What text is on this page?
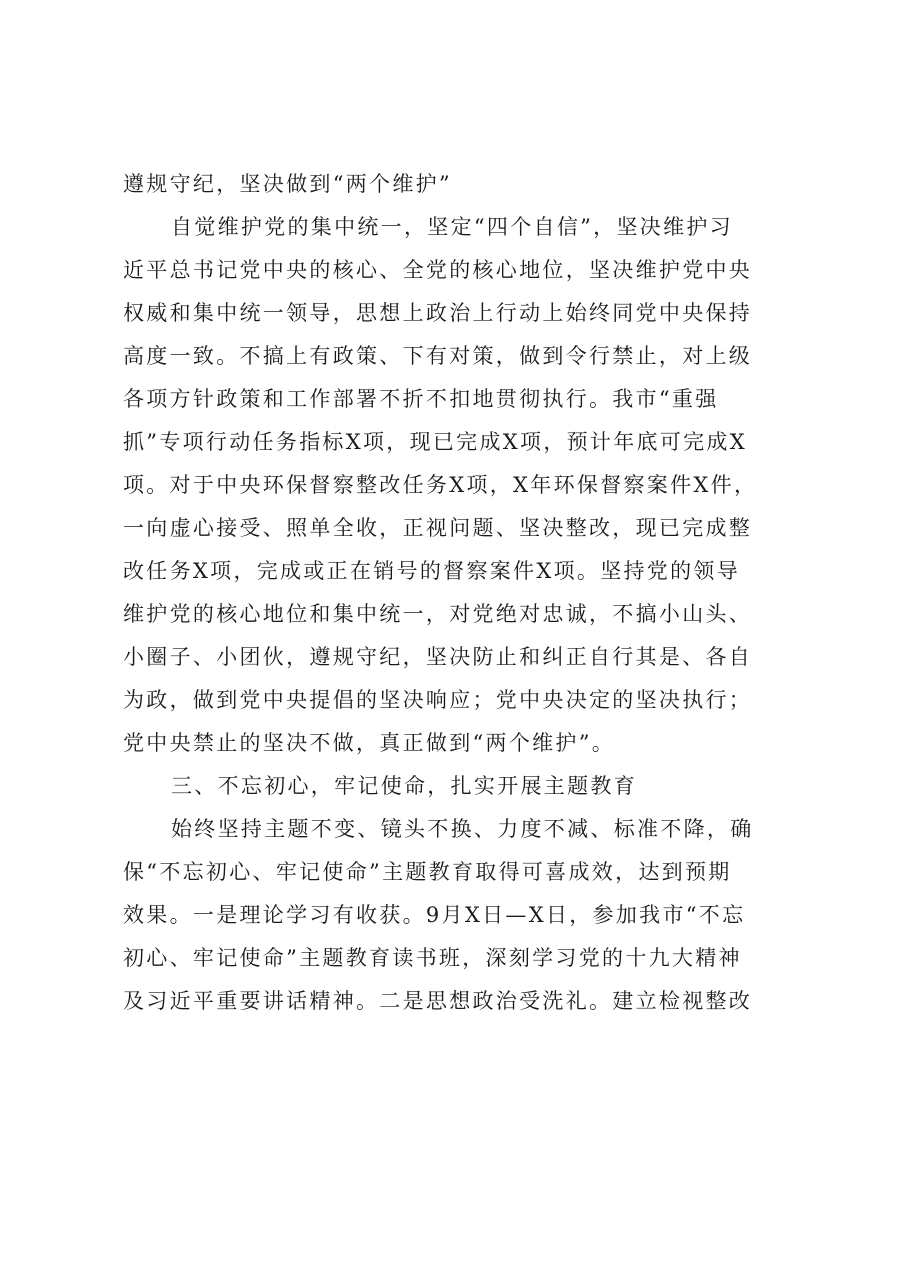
遵规守纪，坚决做到“两个维护”
自觉维护党的集中统一，坚定“四个自信”，坚决维护习
近平总书记党中央的核心、全党的核心地位，坚决维护党中央
权威和集中统一领导，思想上政治上行动上始终同党中央保持
高度一致。不搞上有政策、下有对策，做到令行禁止，对上级
各项方针政策和工作部署不折不扣地贯彻执行。我市“重强
抓”专项行动任务指标X项，现已完成X项，预计年底可完成X
项。对于中央环保督察整改任务X项，X年环保督察案件X件，
一向虚心接受、照单全收，正视问题、坚决整改，现已完成整
改任务X项，完成或正在销号的督察案件X项。坚持党的领导
维护党的核心地位和集中统一，对党绝对忠诚，不搞小山头、
小圈子、小团伙，遵规守纪，坚决防止和纠正自行其是、各自
为政，做到党中央提倡的坚决响应；党中央决定的坚决执行；
党中央禁止的坚决不做，真正做到“两个维护”。
三、不忘初心，牢记使命，扎实开展主题教育
始终坚持主题不变、镜头不换、力度不减、标准不降，确
保“不忘初心、牢记使命”主题教育取得可喜成效，达到预期
效果。一是理论学习有收获。9月X日—X日，参加我市“不忘
初心、牢记使命”主题教育读书班，深刻学习党的十九大精神
及习近平重要讲话精神。二是思想政治受洗礼。建立检视整改
